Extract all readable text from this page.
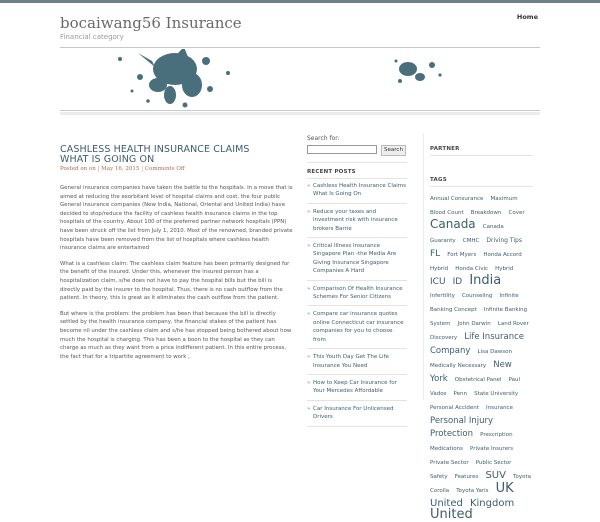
bocaiwang56 Insurance
Financial category
Home
CASHLESS HEALTH INSURANCE CLAIMS WHAT IS GOING ON
Posted on on | May 16, 2015 | Comments Off

General insurance companies have taken the battle to the hospitals. In a move that is aimed at reducing the exorbitant level of hospital claims and cost, the four public General insurance companies (New India, National, Oriental and United India) have decided to stop/reduce the facility of cashless health insurance claims in the top hospitals of the country. About 100 of the preferred partner network hospitals (PPN) have been struck off the list from July 1, 2010. Most of the renowned, branded private hospitals have been removed from the list of hospitals where cashless health insurance claims are entertained

What is a cashless claim: The cashless claim feature has been primarily designed for the benefit of the insured. Under this, whenever the insured person has a hospitalization claim, s/he does not have to pay the hospital bills but the bill is directly paid by the insurer to the hospital. Thus, there is no cash outflow from the patient. In theory, this is great as it eliminates the cash outflow from the patient.

But where is the problem: the problem has been that because the bill is directly settled by the health insurance company, the financial stakes of the patient has become nil under the cashless claim and s/he has stopped being bothered about how much the hospital is charging. This has been a boon to the hospital as they can charge as much as they want from a price indifferent patient. In this entire process, the fact that for a tripartite agreement to work ,

Search for:
Search
RECENT POSTS
» Cashless Health Insurance Claims What Is Going On
» Reduce your taxes and investment risk with insurance brokers Barrie
» Critical Illness Insurance Singapore Plan -the Media Are Giving Insurance Singapore Companies A Hard
» Comparison Of Health Insurance Schemes For Senior Citizens
» Compare car insurance quotes online Connecticut car insurance companies for you to choose from
» This Youth Day Get The Life Insurance You Need
» How to Keep Car Insurance for Your Mercedes Affordable
» Car Insurance For Unlicensed Drivers
PARTNER
TAGS
Annual Consurance Maximum Blood Count Breakdown Cover Canada Canada Guaranty CMHC Driving Tips FL Fort Myers Honda Accord Hybrid Honda Civic Hybrid ICU ID India Infertility Counseling Infinite Banking Concept Infinite Banking System John Darwin Land Rover Discovery Life Insurance Company Lisa Dawson Medically Necessary New York Obstetrical Panel Paul Vados Penn State University Personal Accident Insurance Personal Injury Protection Prescription Medications Private Insurers Private Sector Public Sector Safety Features SUV Toyota Corolla Toyota Yaris UK United Kingdom United
